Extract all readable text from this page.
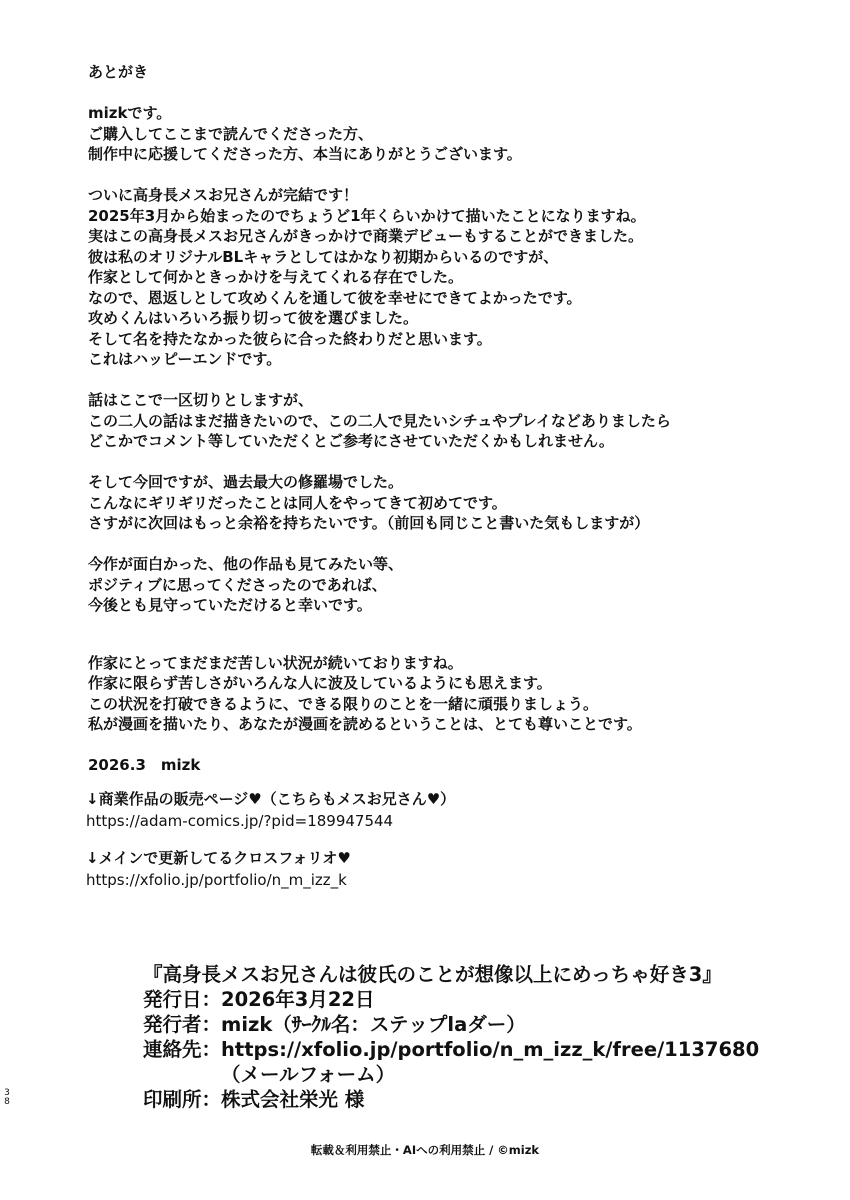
あとがき
mizkです。
ご購入してここまで読んでくださった方、
制作中に応援してくださった方、本当にありがとうございます。
ついに高身長メスお兄さんが完結です！
2025年3月から始まったのでちょうど1年くらいかけて描いたことになりますね。
実はこの高身長メスお兄さんがきっかけで商業デビューもすることができました。
彼は私のオリジナルBLキャラとしてはかなり初期からいるのですが、
作家として何かときっかけを与えてくれる存在でした。
なので、恩返しとして攻めくんを通して彼を幸せにできてよかったです。
攻めくんはいろいろ振り切って彼を選びました。
そして名を持たなかった彼らに合った終わりだと思います。
これはハッピーエンドです。
話はここで一区切りとしますが、
この二人の話はまだ描きたいので、この二人で見たいシチュやプレイなどありましたら
どこかでコメント等していただくとご参考にさせていただくかもしれません。
そして今回ですが、過去最大の修羅場でした。
こんなにギリギリだったことは同人をやってきて初めてです。
さすがに次回はもっと余裕を持ちたいです。（前回も同じこと書いた気もしますが）
今作が面白かった、他の作品も見てみたい等、
ポジティブに思ってくださったのであれば、
今後とも見守っていただけると幸いです。
作家にとってまだまだ苦しい状況が続いておりますね。
作家に限らず苦しさがいろんな人に波及しているようにも思えます。
この状況を打破できるように、できる限りのことを一緒に頑張りましょう。
私が漫画を描いたり、あなたが漫画を読めるということは、とても尊いことです。
2026.3　mizk
↓商業作品の販売ページ♥（こちらもメスお兄さん♥）
https://adam-comics.jp/?pid=189947544
↓メインで更新してるクロスフォリオ♥
https://xfolio.jp/portfolio/n_m_izz_k
『高身長メスお兄さんは彼氏のことが想像以上にめっちゃ好き3』
発行日：2026年3月22日
発行者：mizk（ｻｰｸﾙ名：ステップlaダー）
連絡先：https://xfolio.jp/portfolio/n_m_izz_k/free/1137680
（メールフォーム）
印刷所：株式会社栄光 様
38
転載＆利用禁止・AIへの利用禁止 / ©mizk
